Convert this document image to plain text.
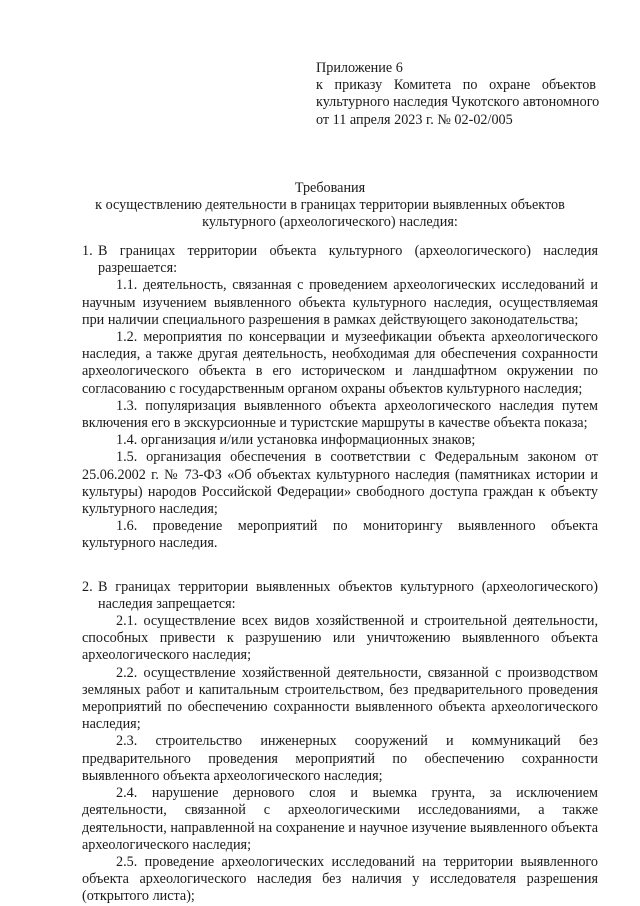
Приложение 6
к приказу Комитета по охране объектов
культурного наследия Чукотского автономного
от 11 апреля 2023 г. № 02-02/005
Требования
к осуществлению деятельности в границах территории выявленных объектов
культурного (археологического) наследия:
1. В границах территории объекта культурного (археологического) наследия разрешается:
1.1. деятельность, связанная с проведением археологических исследований и научным изучением выявленного объекта культурного наследия, осуществляемая при наличии специального разрешения в рамках действующего законодательства;
1.2. мероприятия по консервации и музеефикации объекта археологического наследия, а также другая деятельность, необходимая для обеспечения сохранности археологического объекта в его историческом и ландшафтном окружении по согласованию с государственным органом охраны объектов культурного наследия;
1.3. популяризация выявленного объекта археологического наследия путем включения его в экскурсионные и туристские маршруты в качестве объекта показа;
1.4. организация и/или установка информационных знаков;
1.5. организация обеспечения в соответствии с Федеральным законом от 25.06.2002 г. № 73-ФЗ «Об объектах культурного наследия (памятниках истории и культуры) народов Российской Федерации» свободного доступа граждан к объекту культурного наследия;
1.6. проведение мероприятий по мониторингу выявленного объекта культурного наследия.
2. В границах территории выявленных объектов культурного (археологического) наследия запрещается:
2.1. осуществление всех видов хозяйственной и строительной деятельности, способных привести к разрушению или уничтожению выявленного объекта археологического наследия;
2.2. осуществление хозяйственной деятельности, связанной с производством земляных работ и капитальным строительством, без предварительного проведения мероприятий по обеспечению сохранности выявленного объекта археологического наследия;
2.3. строительство инженерных сооружений и коммуникаций без предварительного проведения мероприятий по обеспечению сохранности выявленного объекта археологического наследия;
2.4. нарушение дернового слоя и выемка грунта, за исключением деятельности, связанной с археологическими исследованиями, а также деятельности, направленной на сохранение и научное изучение выявленного объекта археологического наследия;
2.5. проведение археологических исследований на территории выявленного объекта археологического наследия без наличия у исследователя разрешения (открытого листа);
